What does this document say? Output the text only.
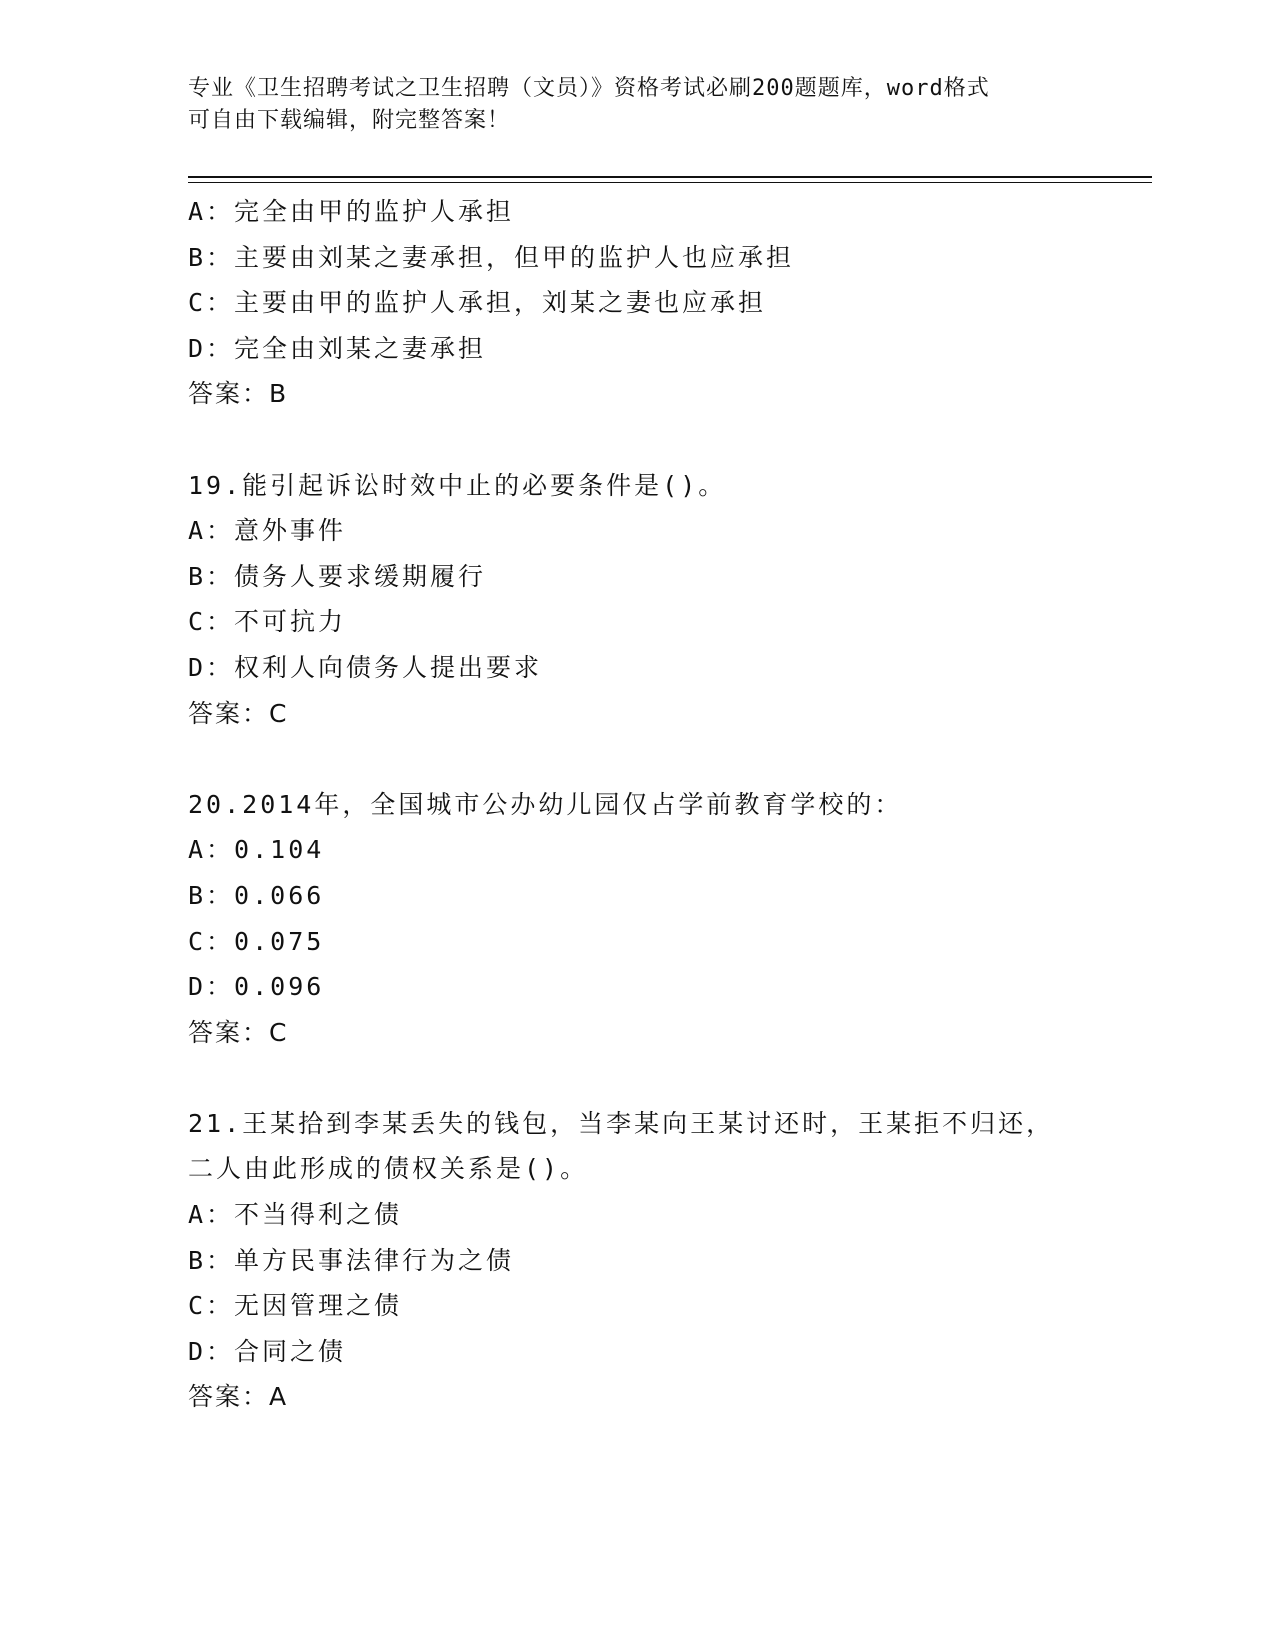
专业《卫生招聘考试之卫生招聘（文员）》资格考试必刷200题题库，word格式
可自由下载编辑，附完整答案！
A：完全由甲的监护人承担
B：主要由刘某之妻承担，但甲的监护人也应承担
C：主要由甲的监护人承担，刘某之妻也应承担
D：完全由刘某之妻承担
答案：B
19.能引起诉讼时效中止的必要条件是()。
A：意外事件
B：债务人要求缓期履行
C：不可抗力
D：权利人向债务人提出要求
答案：C
20.2014年，全国城市公办幼儿园仅占学前教育学校的：
A：0.104
B：0.066
C：0.075
D：0.096
答案：C
21.王某拾到李某丢失的钱包，当李某向王某讨还时，王某拒不归还，
二人由此形成的债权关系是()。
A：不当得利之债
B：单方民事法律行为之债
C：无因管理之债
D：合同之债
答案：A
